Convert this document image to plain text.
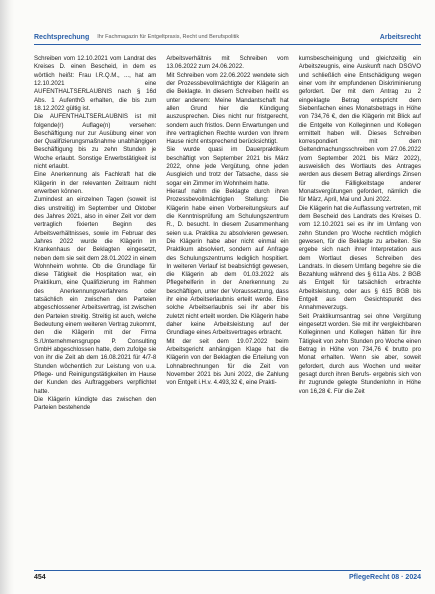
Rechtsprechung Ihr Fachmagazin für Entgeltpraxis, Recht und Berufspolitik	Arbeitsrecht

Schreiben vom 12.10.2021 vom Landrat des Kreises D. einen Bescheid, in dem es wörtlich heißt: Frau I.R.Q.M., ..., hat am 12.10.2021 eine AUFENTHALTSERLAUBNIS nach § 16d Abs. 1 AufenthG erhalten, die bis zum 18.12.2022 gültig ist.

Die AUFENTHALTSERLAUBNIS ist mit folgende(r) Auflage(n) versehen: Beschäftigung nur zur Ausübung einer von der Qualifizierungsmaßnahme unabhängigen Beschäftigung bis zu zehn Stunden je Woche erlaubt. Sonstige Erwerbstätigkeit ist nicht erlaubt.

Eine Anerkennung als Fachkraft hat die Klägerin in der relevanten Zeitraum nicht erwerben können.

Zumindest an einzelnen Tagen (soweit ist dies unstreitig) im September und Oktober des Jahres 2021, also in einer Zeit vor dem vertraglich fixierten Beginn des Arbeitsverhältnisses, sowie im Februar des Jahres 2022 wurde die Klägerin im Krankenhaus der Beklagten eingesetzt, neben dem sie seit dem 28.01.2022 in einem Wohnheim wohnte. Ob die Grundlage für diese Tätigkeit die Hospitation war, ein Praktikum, eine Qualifizierung im Rahmen des Anerkennungsverfahrens oder tatsächlich ein zwischen den Parteien abgeschlossener Arbeitsvertrag, ist zwischen den Parteien streitig. Streitig ist auch, welche Bedeutung einem weiteren Vertrag zukommt, den die Klägerin mit der Firma S./Unternehmensgruppe P. Consulting GmbH abgeschlossen hatte, dem zufolge sie von ihr die Zeit ab dem 16.08.2021 für 4/7-8 Stunden wöchentlich zur Leistung von u.a. Pflege- und Reinigungstätigkeiten im Hause der Kunden des Auftraggebers verpflichtet hatte.

Die Klägerin kündigte das zwischen den Parteien bestehende

Arbeitsverhältnis mit Schreiben vom 13.06.2022 zum 24.06.2022.

Mit Schreiben vom 22.06.2022 wendete sich der Prozessbevollmächtigte der Klägerin an die Beklagte. In diesem Schreiben heißt es unter anderem: Meine Mandantschaft hat allen Grund hier die Kündigung auszusprechen. Dies nicht nur fristgerecht, sondern auch fristlos. Denn Erwartungen und ihre vertraglichen Rechte wurden von Ihrem Hause nicht entsprechend berücksichtigt.

Sie wurde quasi im Dauerpraktikum beschäftigt von September 2021 bis März 2022, ohne jede Vergütung, ohne jeden Ausgleich und trotz der Tatsache, dass sie sogar ein Zimmer im Wohnheim hatte.

Hierauf nahm die Beklagte durch ihren Prozessbevollmächtigten Stellung: Die Klägerin habe einen Vorbereitungskurs auf die Kenntnisprüfung am Schulungszentrum R., D. besucht. In diesem Zusammenhang seien u.a. Praktika zu absolvieren gewesen. Die Klägerin habe aber nicht einmal ein Praktikum absolviert, sondern auf Anfrage des Schulungszentrums lediglich hospitiert. In weiteren Verlauf ist beabsichtigt gewesen, die Klägerin ab dem 01.03.2022 als Pflegehelferin in der Anerkennung zu beschäftigen, unter der Voraussetzung, dass ihr eine Arbeitserlaubnis erteilt werde. Eine solche Arbeitserlaubnis sei ihr aber bis zuletzt nicht erteilt worden. Die Klägerin habe daher keine Arbeitsleistung auf der Grundlage eines Arbeitsvertrages erbracht.

Mit der seit dem 19.07.2022 beim Arbeitsgericht anhängigen Klage hat die Klägerin von der Beklagten die Erteilung von Lohnabrechnungen für die Zeit von November 2021 bis Juni 2022, die Zahlung von Entgelt i.H.v. 4.493,32 €, eine Prakti-

kumsbescheinigung und gleichzeitig ein Arbeitszeugnis, eine Auskunft nach DSGVO und schließlich eine Entschädigung wegen einer vom ihr empfundenen Diskriminierung gefordert. Der mit dem Antrag zu 2 eingeklagte Betrag entspricht dem Siebenfachen eines Monatsbetrags in Höhe von 734,76 €, den die Klägerin mit Blick auf die Entgelte von Kolleginnen und Kollegen ermittelt haben will. Dieses Schreiben korrespondiert mit dem Geltendmachungsschreiben vom 27.06.2022 (vom September 2021 bis März 2022), ausweislich des Wortlauts des Antrages werden aus diesem Betrag allerdings Zinsen für die Fälligkeitstage anderer Monatsvergütungen gefordert, nämlich die für März, April, Mai und Juni 2022.

Die Klägerin hat die Auffassung vertreten, mit dem Bescheid des Landrats des Kreises D. vom 12.10.2021 sei es ihr im Umfang von zehn Stunden pro Woche rechtlich möglich gewesen, für die Beklagte zu arbeiten. Sie ergebe sich nach ihrer Interpretation aus dem Wortlaut dieses Schreiben des Landrats. In diesem Umfang begehre sie die Bezahlung während des § 611a Abs. 2 BGB als Entgelt für tatsächlich erbrachte Arbeitsleistung, oder aus § 615 BGB bis Entgelt aus dem Gesichtspunkt des Annahmeverzugs.

Seit Praktikumsantrag sei ohne Vergütung eingesetzt worden. Sie mit ihr vergleichbaren Kolleginnen und Kollegen hätten für ihre Tätigkeit von zehn Stunden pro Woche einen Betrag in Höhe von 734,76 € brutto pro Monat erhalten. Wenn sie aber, soweit gefordert, durch aus Wochen und weiter gesagt durch ihren Berufs- ergebnis sich von ihr zugrunde gelegte Stundenlohn in Höhe von 16,28 €. Für die Zeit

454	PflegeRecht 08 · 2024
